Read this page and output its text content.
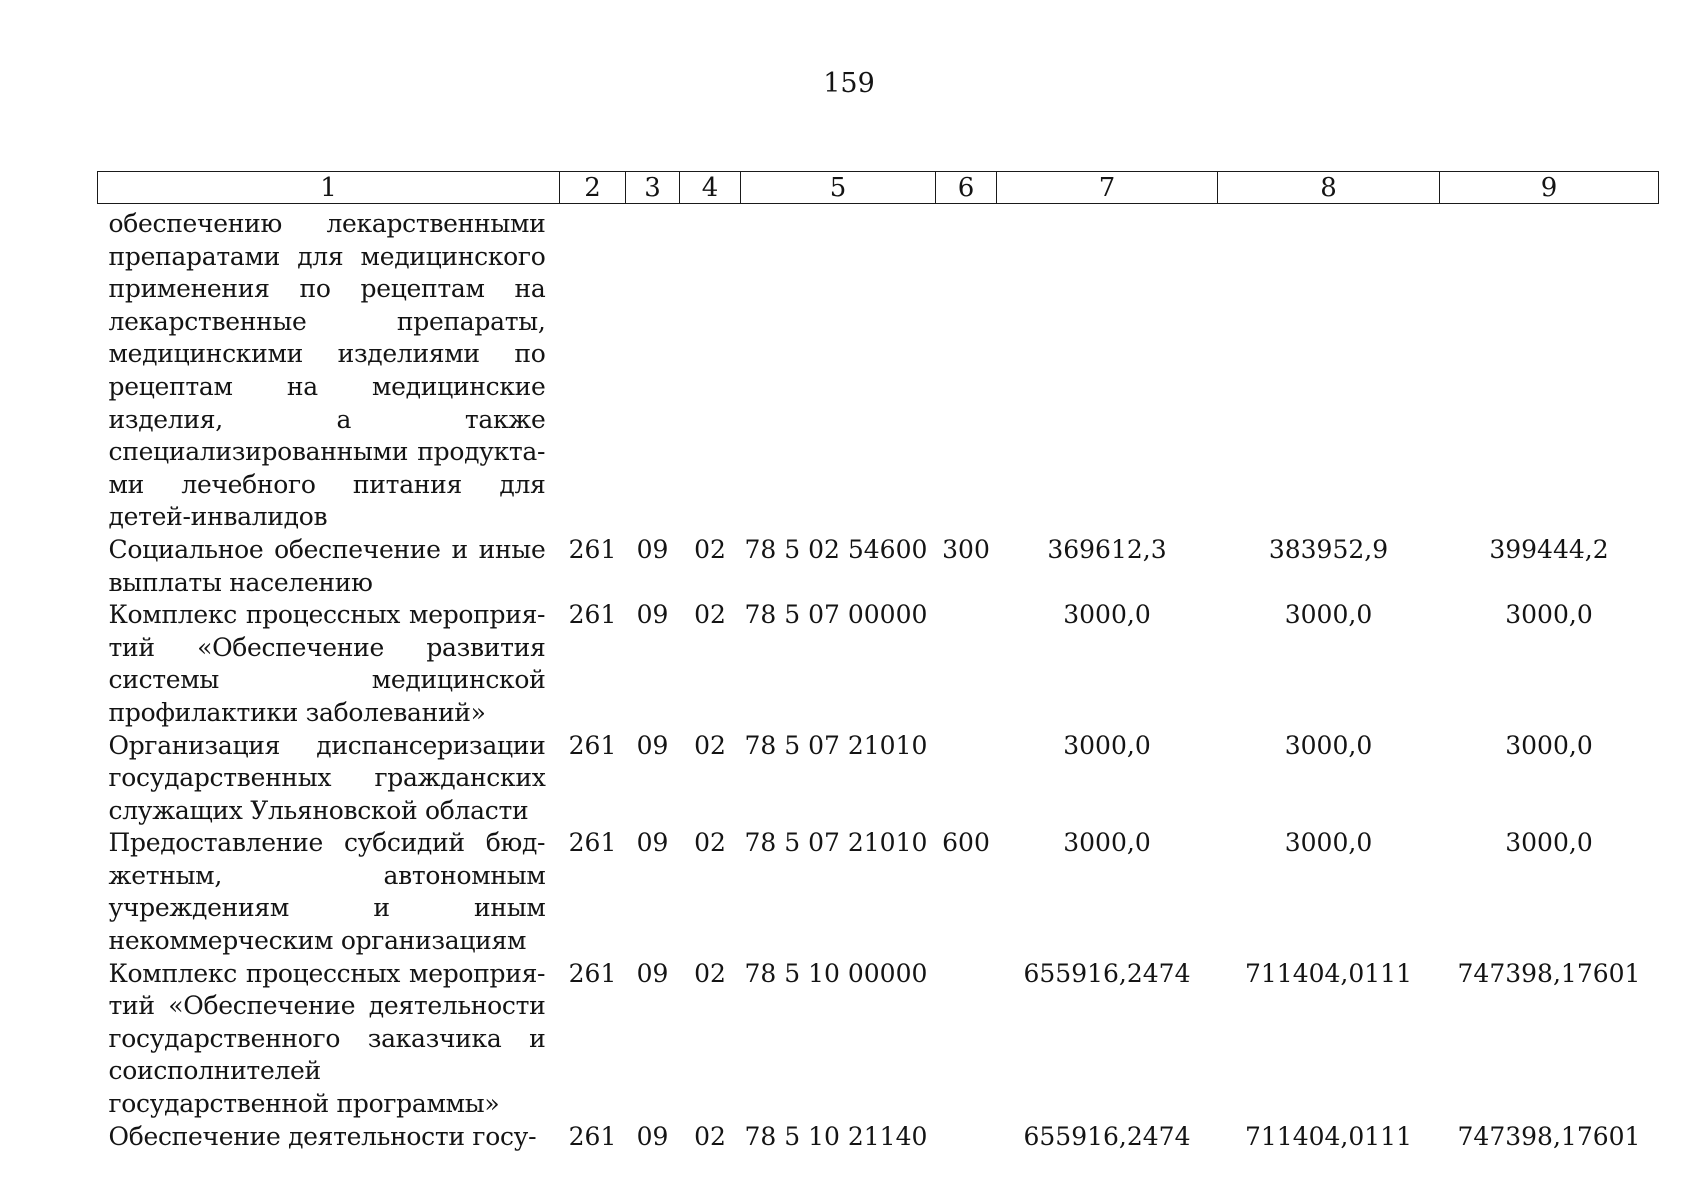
159
1	2	3	4	5	6	7	8	9
обеспечению лекарственными препаратами для медицинского применения по рецептам на лекарственные препараты, медицинскими изделиями по рецептам на медицинские изделия, а также специализированными продуктами лечебного питания для детей-инвалидов								
Социальное обеспечение и иные выплаты населению	261	09	02	78 5 02 54600	300	369612,3	383952,9	399444,2
Комплекс процессных мероприятий «Обеспечение развития системы медицинской профилактики заболеваний»	261	09	02	78 5 07 00000		3000,0	3000,0	3000,0
Организация диспансеризации государственных гражданских служащих Ульяновской области	261	09	02	78 5 07 21010		3000,0	3000,0	3000,0
Предоставление субсидий бюджетным, автономным учреждениям и иным некоммерческим организациям	261	09	02	78 5 07 21010	600	3000,0	3000,0	3000,0
Комплекс процессных мероприятий «Обеспечение деятельности государственного заказчика и соисполнителей государственной программы»	261	09	02	78 5 10 00000		655916,2474	711404,0111	747398,17601
Обеспечение деятельности госу-	261	09	02	78 5 10 21140		655916,2474	711404,0111	747398,17601
